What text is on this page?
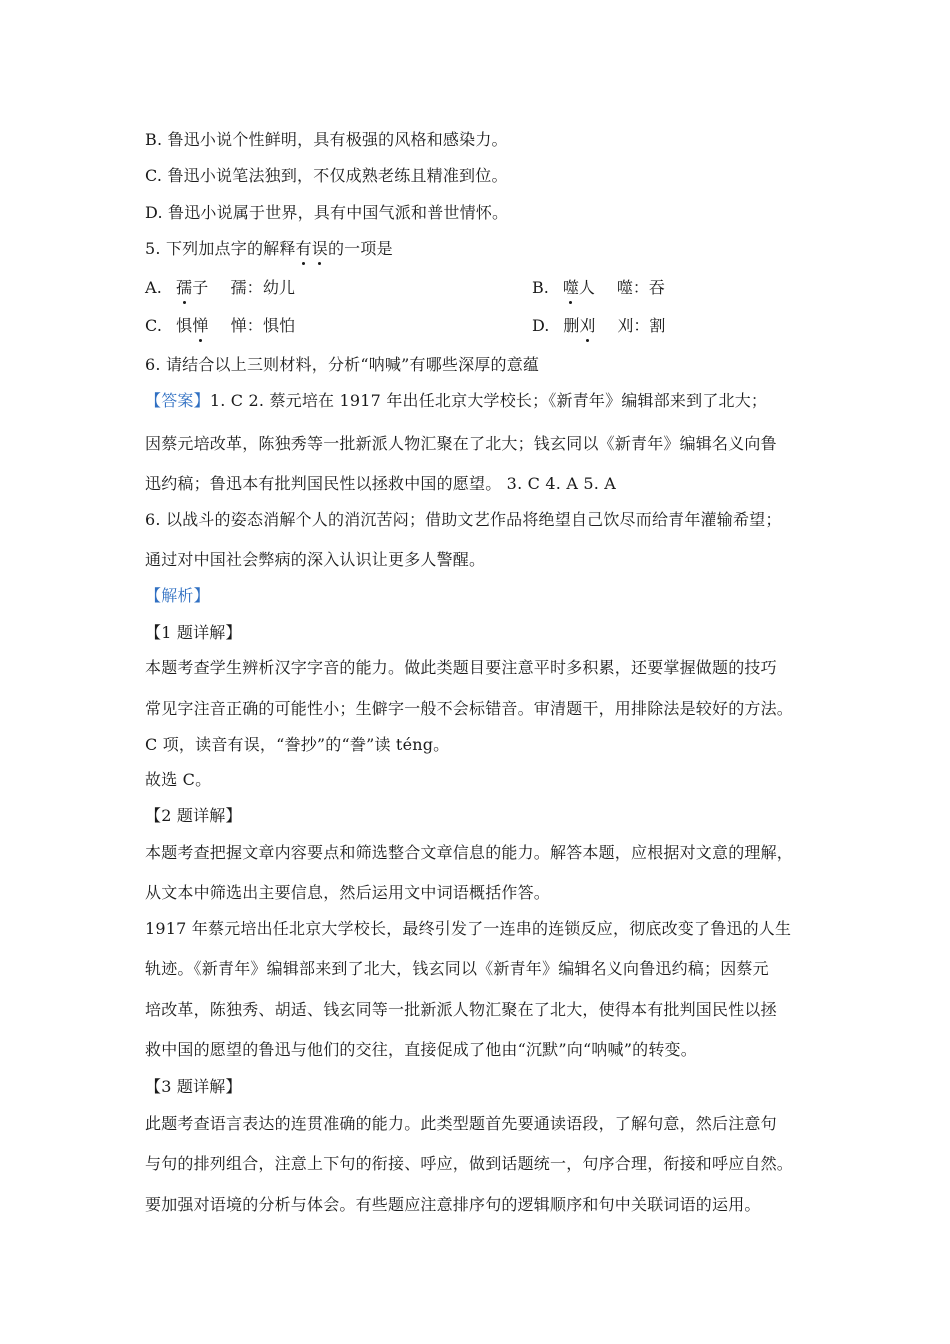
B. 鲁迅小说个性鲜明，具有极强的风格和感染力。
C. 鲁迅小说笔法独到，不仅成熟老练且精准到位。
D. 鲁迅小说属于世界，具有中国气派和普世情怀。
5. 下列加点字的解释有误的一项是
A. 孺子 孺：幼儿	B. 噬人 噬：吞
C. 惧惮 惮：惧怕	D. 删刈 刈：割
6. 请结合以上三则材料，分析“呐喊”有哪些深厚的意蕴
【答案】1. C 2. 蔡元培在 1917 年出任北京大学校长；《新青年》编辑部来到了北大；
因蔡元培改革，陈独秀等一批新派人物汇聚在了北大；钱玄同以《新青年》编辑名义向鲁
迅约稿；鲁迅本有批判国民性以拯救中国的愿望。 3. C 4. A 5. A
6. 以战斗的姿态消解个人的消沉苦闷；借助文艺作品将绝望自己饮尽而给青年灌输希望；
通过对中国社会弊病的深入认识让更多人警醒。
【解析】
【1 题详解】
本题考查学生辨析汉字字音的能力。做此类题目要注意平时多积累，还要掌握做题的技巧
常见字注音正确的可能性小；生僻字一般不会标错音。审清题干，用排除法是较好的方法。
C 项，读音有误，“誊抄”的“誊”读 téng。
故选 C。
【2 题详解】
本题考查把握文章内容要点和筛选整合文章信息的能力。解答本题，应根据对文意的理解，
从文本中筛选出主要信息，然后运用文中词语概括作答。
1917 年蔡元培出任北京大学校长，最终引发了一连串的连锁反应，彻底改变了鲁迅的人生
轨迹。《新青年》编辑部来到了北大，钱玄同以《新青年》编辑名义向鲁迅约稿；因蔡元
培改革，陈独秀、胡适、钱玄同等一批新派人物汇聚在了北大，使得本有批判国民性以拯
救中国的愿望的鲁迅与他们的交往，直接促成了他由“沉默”向“呐喊”的转变。
【3 题详解】
此题考查语言表达的连贯准确的能力。此类型题首先要通读语段，了解句意，然后注意句
与句的排列组合，注意上下句的衔接、呼应，做到话题统一，句序合理，衔接和呼应自然。
要加强对语境的分析与体会。有些题应注意排序句的逻辑顺序和句中关联词语的运用。
